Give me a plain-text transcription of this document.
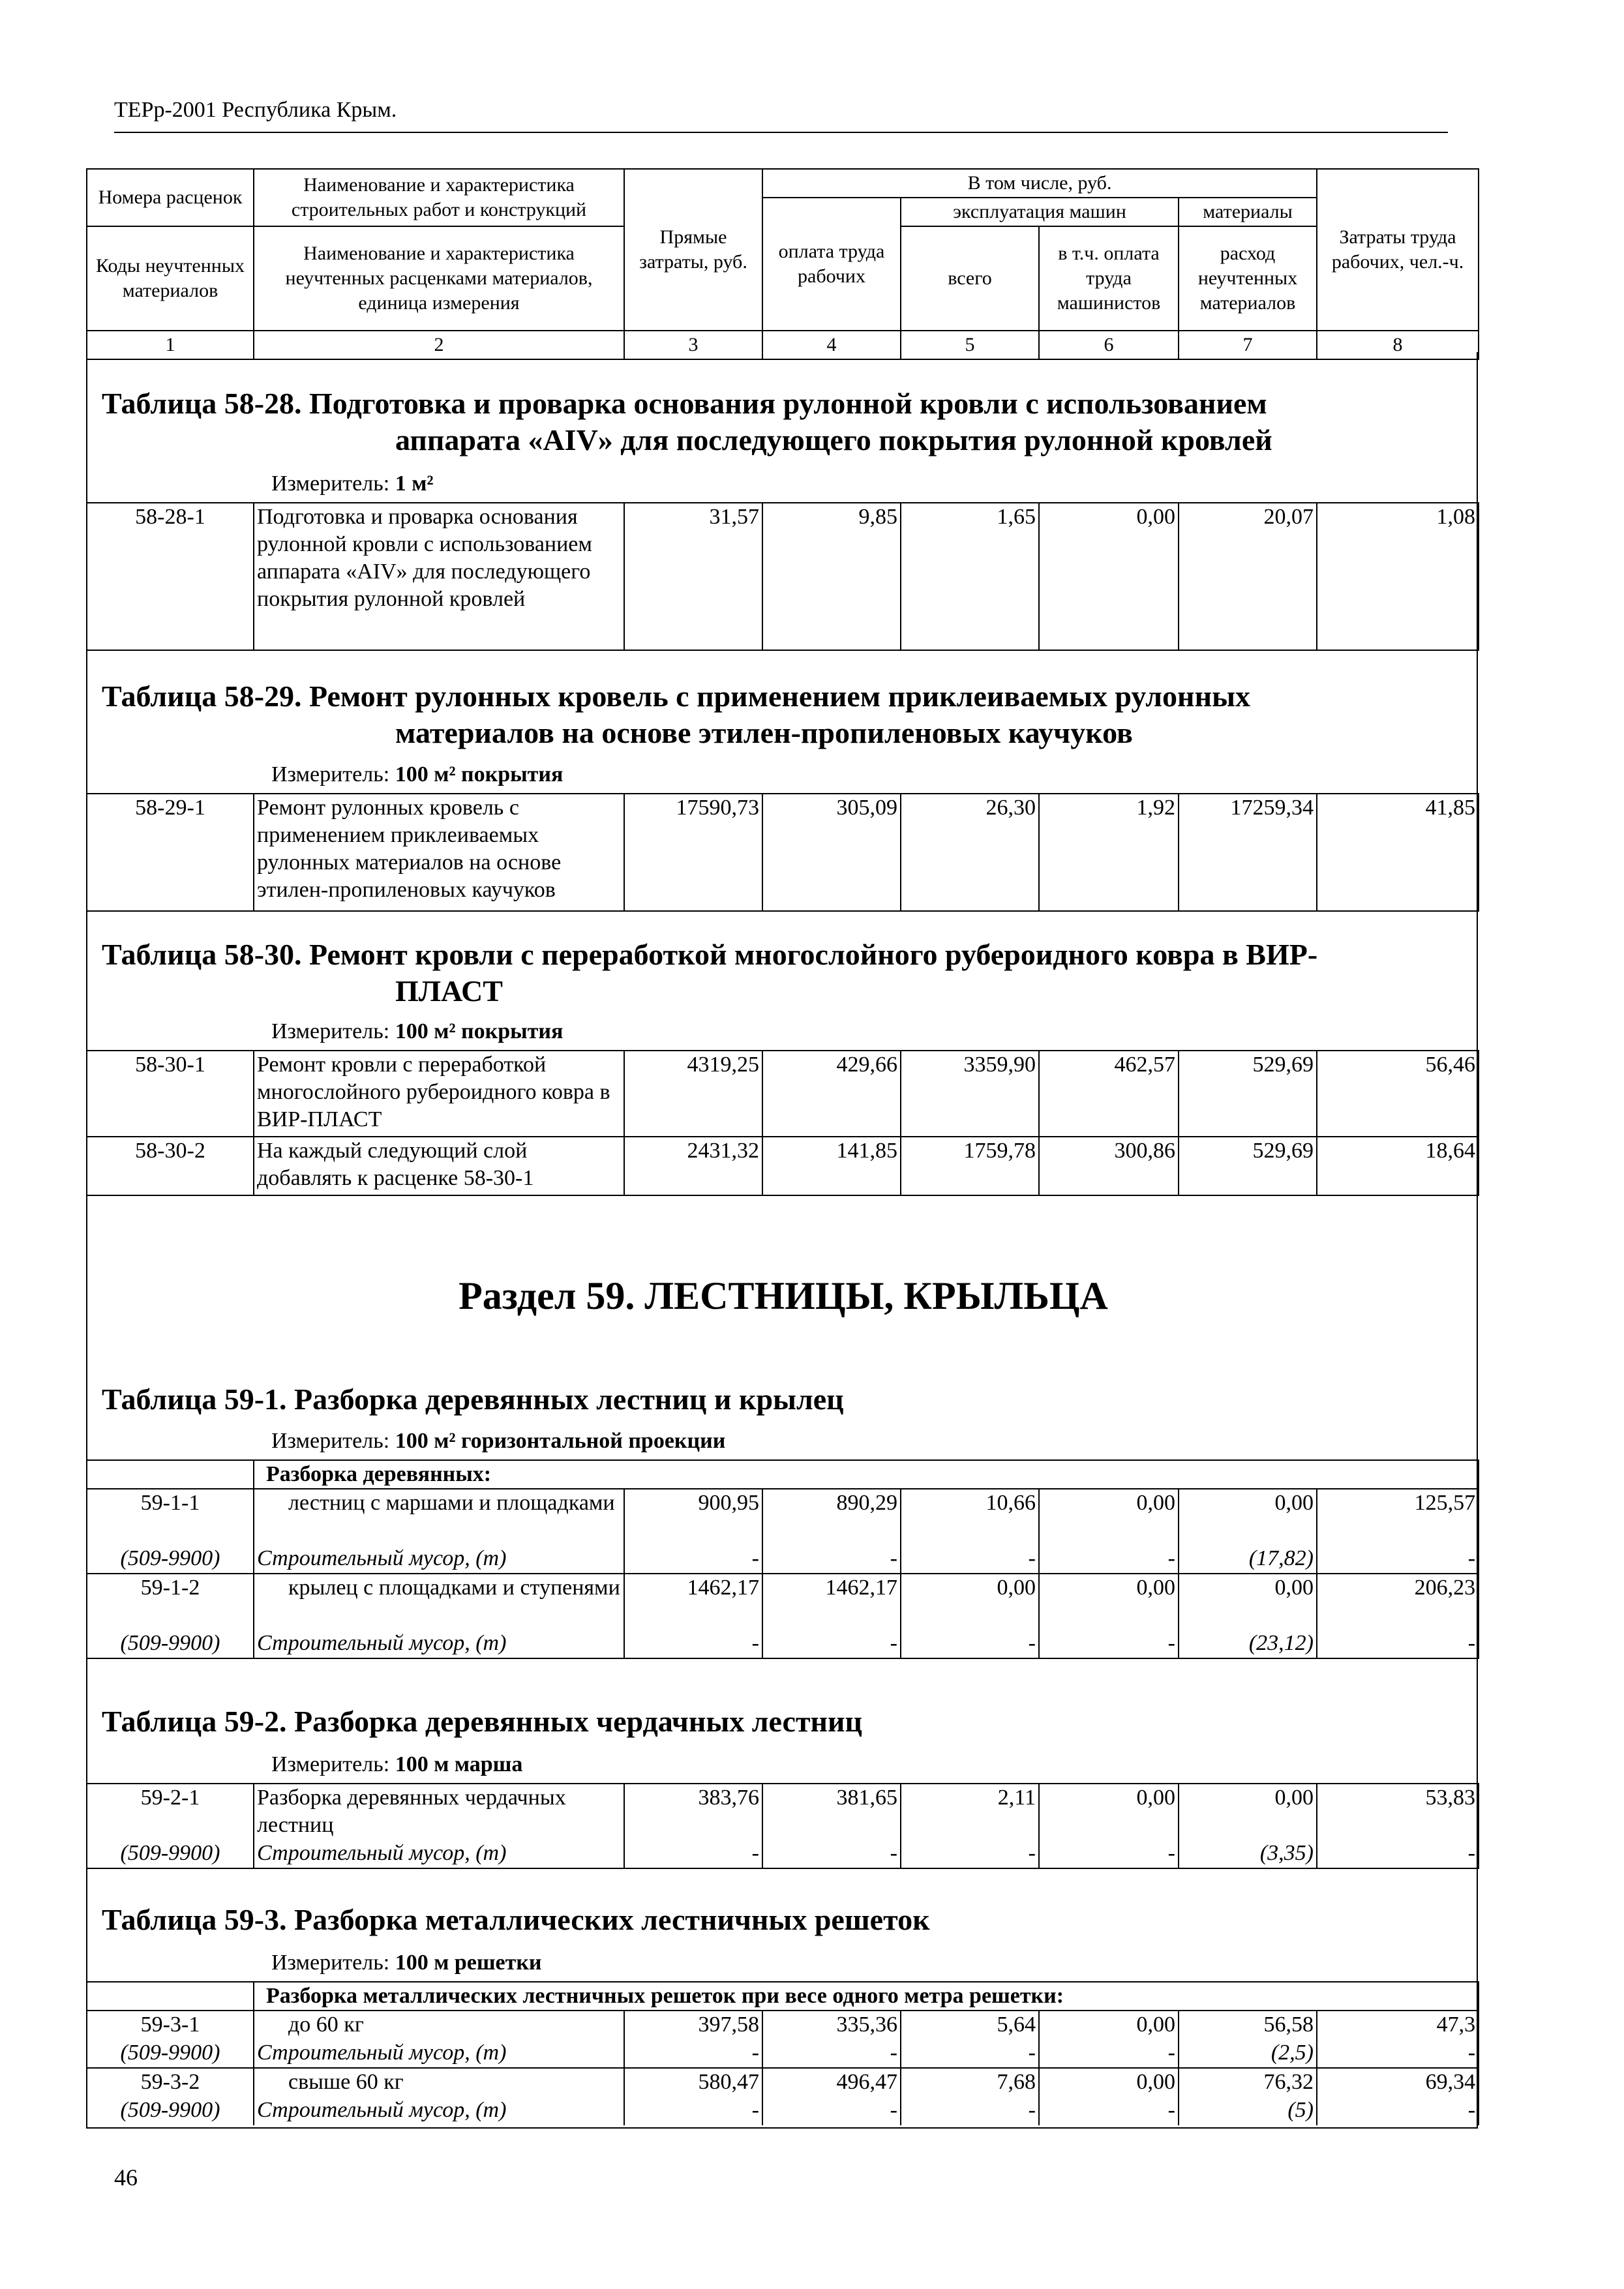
ТЕРр-2001 Республика Крым.
Номера расценок	Наименование и характеристика строительных работ и конструкций	Прямые затраты, руб.	В том числе, руб.				Затраты труда рабочих, чел.-ч.
			оплата труда рабочих	эксплуатация машин		материалы	
Коды неучтенных материалов	Наименование и характеристика неучтенных расценками материалов, единица измерения			всего	в т.ч. оплата труда машинистов	расход неучтенных материалов	

1	2	3	4	5	6	7	8
Таблица 58-28. Подготовка и проварка основания рулонной кровли с использованием
аппарата «AIV» для последующего покрытия рулонной кровлей
Измеритель: 1 м²
58-28-1	Подготовка и проварка основания рулонной кровли с использованием аппарата «AIV» для последующего покрытия рулонной кровлей	31,57	9,85	1,65	0,00	20,07	1,08
Таблица 58-29. Ремонт рулонных кровель с применением приклеиваемых рулонных
материалов на основе этилен-пропиленовых каучуков
Измеритель: 100 м² покрытия
58-29-1	Ремонт рулонных кровель с применением приклеиваемых рулонных материалов на основе этилен-пропиленовых каучуков	17590,73	305,09	26,30	1,92	17259,34	41,85
Таблица 58-30. Ремонт кровли с переработкой многослойного рубероидного ковра в ВИР-
ПЛАСТ
Измеритель: 100 м² покрытия
58-30-1	Ремонт кровли с переработкой многослойного рубероидного ковра в ВИР-ПЛАСТ	4319,25	429,66	3359,90	462,57	529,69	56,46
58-30-2	На каждый следующий слой добавлять к расценке 58-30-1	2431,32	141,85	1759,78	300,86	529,69	18,64
Раздел 59. ЛЕСТНИЦЫ, КРЫЛЬЦА
Таблица 59-1. Разборка деревянных лестниц и крылец
Измеритель: 100 м² горизонтальной проекции
	Разборка деревянных:						
59-1-1	лестниц с маршами и площадками	900,95	890,29	10,66	0,00	0,00	125,57
(509-9900)	Строительный мусор, (т)	-	-	-	-	(17,82)	-
59-1-2	крылец с площадками и ступенями	1462,17	1462,17	0,00	0,00	0,00	206,23
(509-9900)	Строительный мусор, (т)	-	-	-	-	(23,12)	-
Таблица 59-2. Разборка деревянных чердачных лестниц
Измеритель: 100 м марша
59-2-1	Разборка деревянных чердачных лестниц	383,76	381,65	2,11	0,00	0,00	53,83
(509-9900)	Строительный мусор, (т)	-	-	-	-	(3,35)	-
Таблица 59-3. Разборка металлических лестничных решеток
Измеритель: 100 м решетки
	Разборка металлических лестничных решеток при весе одного метра решетки:						
59-3-1	до 60 кг	397,58	335,36	5,64	0,00	56,58	47,3
(509-9900)	Строительный мусор, (т)	-	-	-	-	(2,5)	-
59-3-2	свыше 60 кг	580,47	496,47	7,68	0,00	76,32	69,34
(509-9900)	Строительный мусор, (т)	-	-	-	-	(5)	-
46
